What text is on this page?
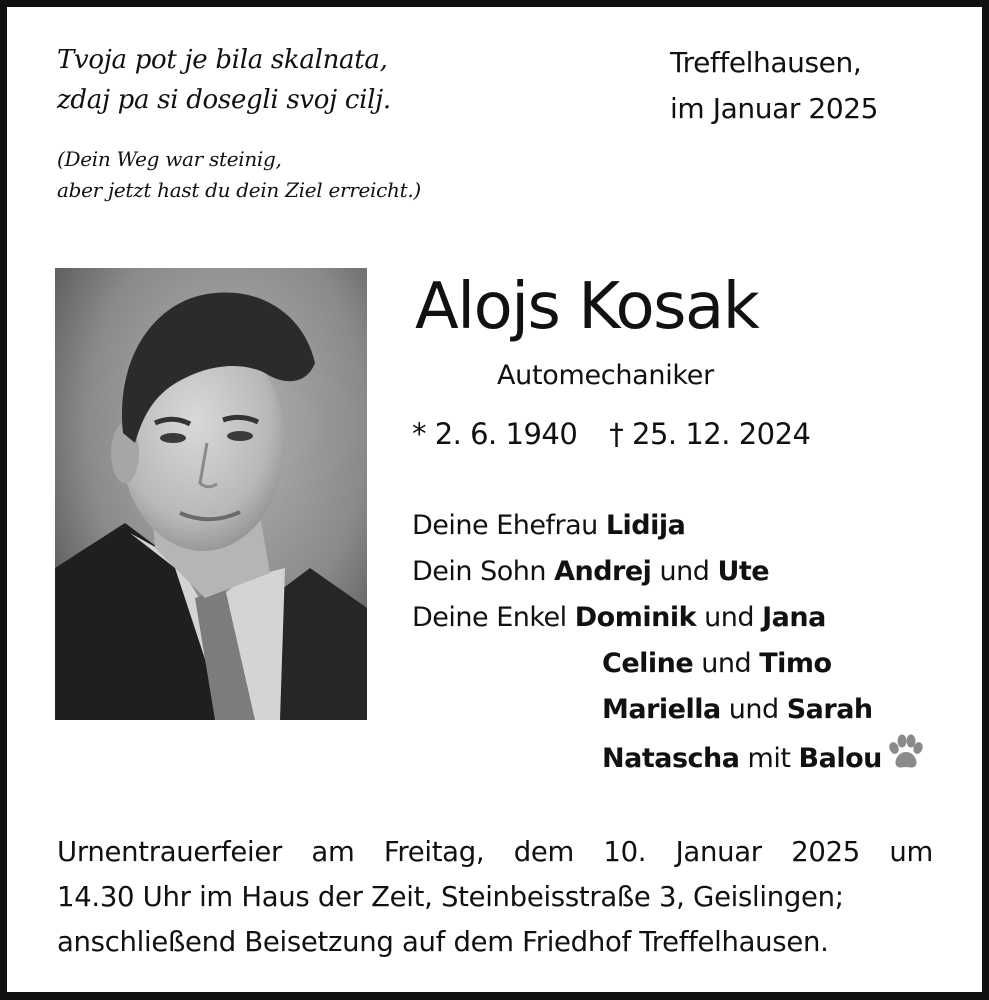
Tvoja pot je bila skalnata,
zdaj pa si dosegli svoj cilj.
(Dein Weg war steinig,
aber jetzt hast du dein Ziel erreicht.)
Treffelhausen,
im Januar 2025
Alojs Kosak
Automechaniker
* 2. 6. 1940 † 25. 12. 2024
Deine Ehefrau Lidija
Dein Sohn Andrej und Ute
Deine Enkel Dominik und Jana
Celine und Timo
Mariella und Sarah
Natascha mit Balou
Urnentrauerfeier am Freitag, dem 10. Januar 2025 um
14.30 Uhr im Haus der Zeit, Steinbeisstraße 3, Geislingen;
anschließend Beisetzung auf dem Friedhof Treffelhausen.
